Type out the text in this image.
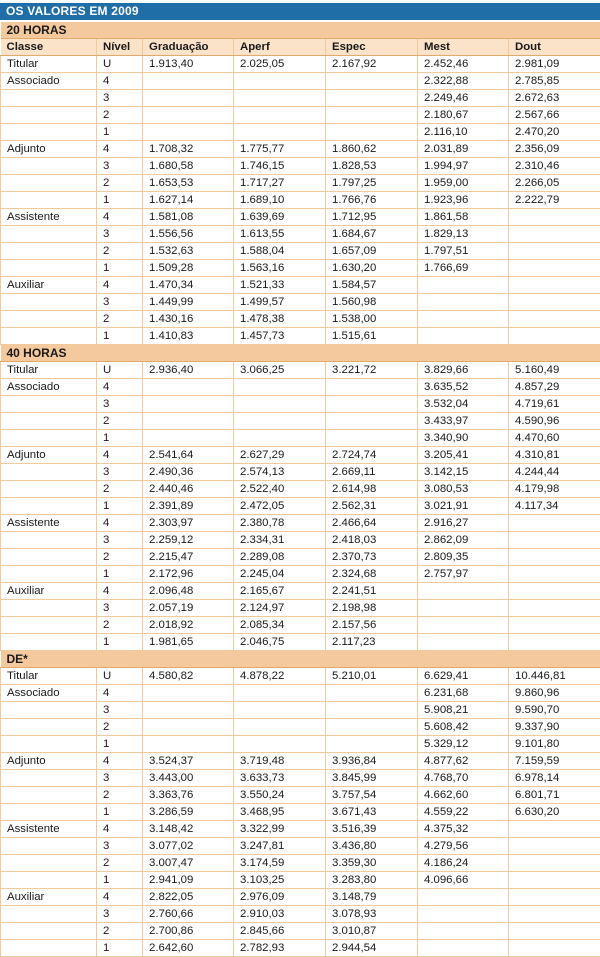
OS VALORES EM 2009
20 HORAS						
Classe	Nível	Graduação	Aperf	Espec	Mest	Dout
Titular	U	1.913,40	2.025,05	2.167,92	2.452,46	2.981,09
Associado	4				2.322,88	2.785,85
	3				2.249,46	2.672,63
	2				2.180,67	2.567,66
	1				2.116,10	2.470,20
Adjunto	4	1.708,32	1.775,77	1.860,62	2.031,89	2.356,09
	3	1.680,58	1.746,15	1.828,53	1.994,97	2.310,46
	2	1.653,53	1.717,27	1.797,25	1.959,00	2.266,05
	1	1.627,14	1.689,10	1.766,76	1.923,96	2.222,79
Assistente	4	1.581,08	1.639,69	1.712,95	1.861,58	
	3	1.556,56	1.613,55	1.684,67	1.829,13	
	2	1.532,63	1.588,04	1.657,09	1.797,51	
	1	1.509,28	1.563,16	1.630,20	1.766,69	
Auxiliar	4	1.470,34	1.521,33	1.584,57		
	3	1.449,99	1.499,57	1.560,98		
	2	1.430,16	1.478,38	1.538,00		
	1	1.410,83	1.457,73	1.515,61		
40 HORAS						
Titular	U	2.936,40	3.066,25	3.221,72	3.829,66	5.160,49
Associado	4				3.635,52	4.857,29
	3				3.532,04	4.719,61
	2				3.433,97	4.590,96
	1				3.340,90	4.470,60
Adjunto	4	2.541,64	2.627,29	2.724,74	3.205,41	4.310,81
	3	2.490,36	2.574,13	2.669,11	3.142,15	4.244,44
	2	2.440,46	2.522,40	2.614,98	3.080,53	4.179,98
	1	2.391,89	2.472,05	2.562,31	3.021,91	4.117,34
Assistente	4	2.303,97	2.380,78	2.466,64	2.916,27	
	3	2.259,12	2.334,31	2.418,03	2.862,09	
	2	2.215,47	2.289,08	2.370,73	2.809,35	
	1	2.172,96	2.245,04	2.324,68	2.757,97	
Auxiliar	4	2.096,48	2.165,67	2.241,51		
	3	2.057,19	2.124,97	2.198,98		
	2	2.018,92	2.085,34	2.157,56		
	1	1.981,65	2.046,75	2.117,23		
DE*						
Titular	U	4.580,82	4.878,22	5.210,01	6.629,41	10.446,81
Associado	4				6.231,68	9.860,96
	3				5.908,21	9.590,70
	2				5.608,42	9.337,90
	1				5.329,12	9.101,80
Adjunto	4	3.524,37	3.719,48	3.936,84	4.877,62	7.159,59
	3	3.443,00	3.633,73	3.845,99	4.768,70	6.978,14
	2	3.363,76	3.550,24	3.757,54	4.662,60	6.801,71
	1	3.286,59	3.468,95	3.671,43	4.559,22	6.630,20
Assistente	4	3.148,42	3.322,99	3.516,39	4.375,32	
	3	3.077,02	3.247,81	3.436,80	4.279,56	
	2	3.007,47	3.174,59	3.359,30	4.186,24	
	1	2.941,09	3.103,25	3.283,80	4.096,66	
Auxiliar	4	2.822,05	2.976,09	3.148,79		
	3	2.760,66	2.910,03	3.078,93		
	2	2.700,86	2.845,66	3.010,87		
	1	2.642,60	2.782,93	2.944,54		
